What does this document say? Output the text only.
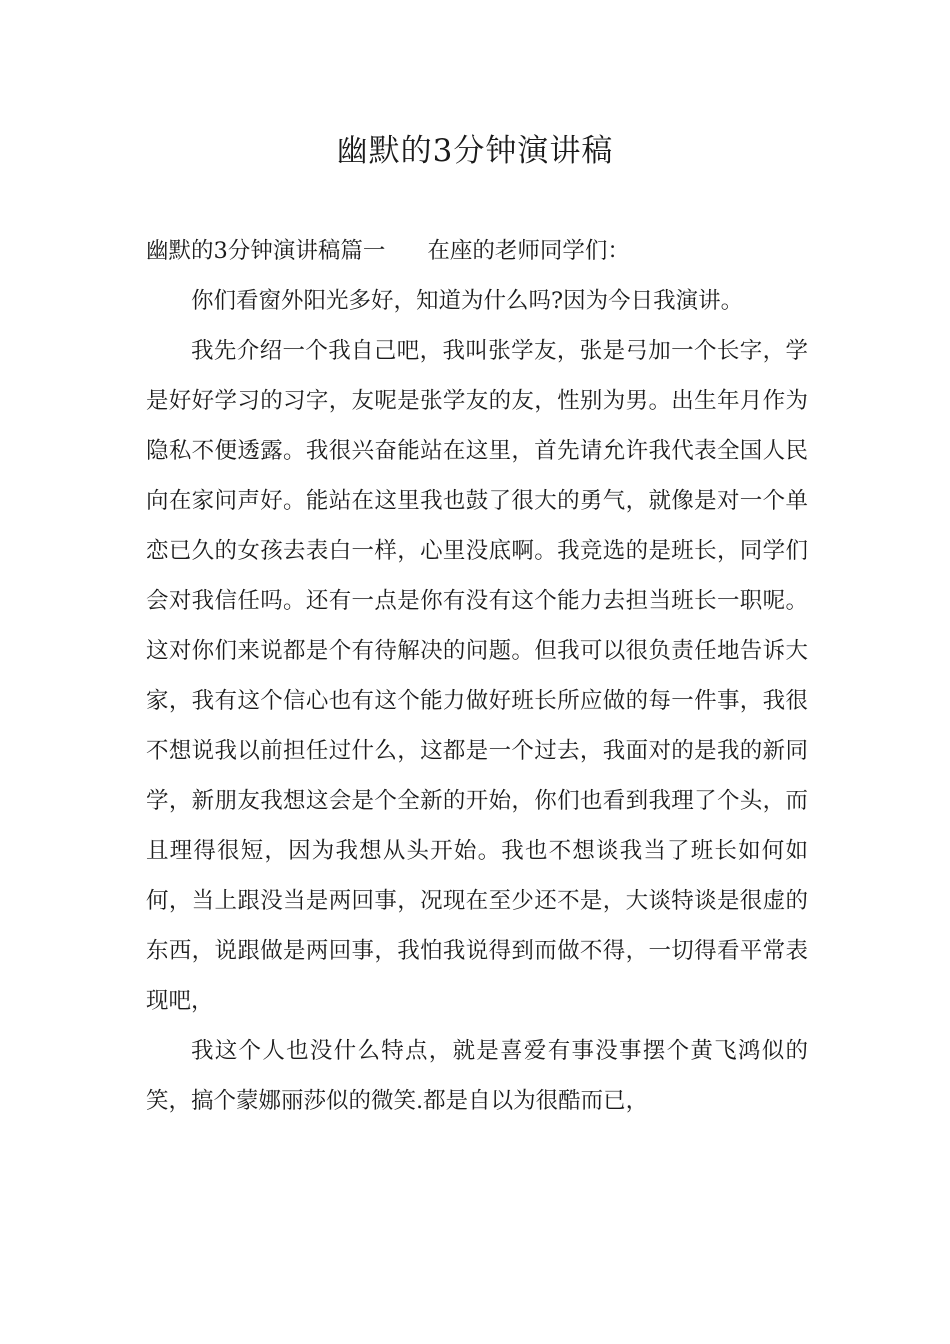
幽默的3分钟演讲稿

幽默的3分钟演讲稿篇一 在座的老师同学们：

你们看窗外阳光多好，知道为什么吗?因为今日我演讲。

我先介绍一个我自己吧，我叫张学友，张是弓加一个长字，学是好好学习的习字，友呢是张学友的友，性别为男。出生年月作为隐私不便透露。我很兴奋能站在这里，首先请允许我代表全国人民向在家问声好。能站在这里我也鼓了很大的勇气，就像是对一个单恋已久的女孩去表白一样，心里没底啊。我竞选的是班长，同学们会对我信任吗。还有一点是你有没有这个能力去担当班长一职呢。这对你们来说都是个有待解决的问题。但我可以很负责任地告诉大家，我有这个信心也有这个能力做好班长所应做的每一件事，我很不想说我以前担任过什么，这都是一个过去，我面对的是我的新同学，新朋友我想这会是个全新的开始，你们也看到我理了个头，而且理得很短，因为我想从头开始。我也不想谈我当了班长如何如何，当上跟没当是两回事，况现在至少还不是，大谈特谈是很虚的东西，说跟做是两回事，我怕我说得到而做不得，一切得看平常表现吧，

我这个人也没什么特点，就是喜爱有事没事摆个黄飞鸿似的笑，搞个蒙娜丽莎似的微笑.都是自以为很酷而已，
